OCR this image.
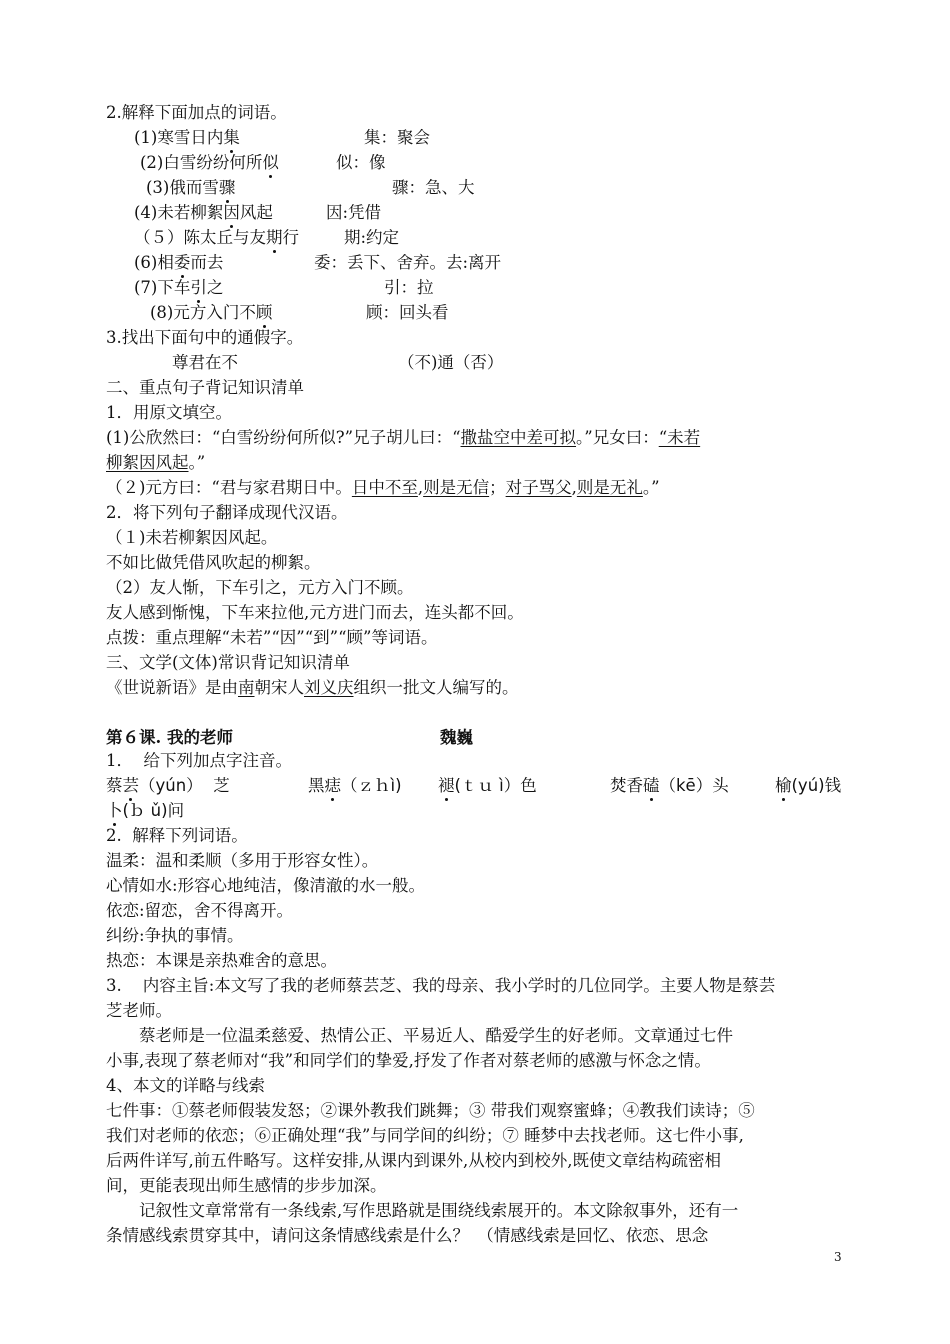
2.解释下面加点的词语。
(1)寒雪日内集	集：聚会
(2)白雪纷纷何所似	似：像
(3)俄而雪骤	骤：急、大
(4)未若柳絮因风起	因:凭借
（５）陈太丘与友期行	期:约定
(6)相委而去	委：丢下、舍弃。去:离开
(7)下车引之	引：拉
(8)元方入门不顾	顾：回头看
3.找出下面句中的通假字。
尊君在不	（不)通（否）
二、重点句子背记知识清单
1．用原文填空。
(1)公欣然曰：“白雪纷纷何所似?”兄子胡儿曰：“撒盐空中差可拟。”兄女曰：“未若
柳絮因风起。”
（２)元方曰：“君与家君期日中。日中不至,则是无信；对子骂父,则是无礼。”
2．将下列句子翻译成现代汉语。
（１)未若柳絮因风起。
不如比做凭借风吹起的柳絮。
（2）友人惭，下车引之，元方入门不顾。
友人感到惭愧，下车来拉他,元方进门而去，连头都不回。
点拨：重点理解“未若”“因”“到”“顾”等词语。
三、文学(文体)常识背记知识清单
《世说新语》是由南朝宋人刘义庆组织一批文人编写的。
第６课. 我的老师	魏巍
1．  给下列加点字注音。
蔡芸（yún） 芝	黑痣（ｚｈì) 褪(ｔｕ ì）色	焚香磕（kē）头	榆(yú)钱
卜(ｂ ǔ)问
2.  解释下列词语。
温柔：温和柔顺（多用于形容女性）。
心情如水:形容心地纯洁，像清澈的水一般。
依恋:留恋，舍不得离开。
纠纷:争执的事情。
热恋：本课是亲热难舍的意思。
3.    内容主旨:本文写了我的老师蔡芸芝、我的母亲、我小学时的几位同学。主要人物是蔡芸
芝老师。
　　蔡老师是一位温柔慈爱、热情公正、平易近人、酷爱学生的好老师。文章通过七件
小事,表现了蔡老师对“我”和同学们的挚爱,抒发了作者对蔡老师的感激与怀念之情。
4、本文的详略与线索
七件事：①蔡老师假装发怒；②课外教我们跳舞；③ 带我们观察蜜蜂；④教我们读诗；⑤
我们对老师的依恋；⑥正确处理“我”与同学间的纠纷；⑦ 睡梦中去找老师。这七件小事,
后两件详写,前五件略写。这样安排,从课内到课外,从校内到校外,既使文章结构疏密相
间，更能表现出师生感情的步步加深。
　　记叙性文章常常有一条线索,写作思路就是围绕线索展开的。本文除叙事外，还有一
条情感线索贯穿其中，请问这条情感线索是什么？　（情感线索是回忆、依恋、思念
3
